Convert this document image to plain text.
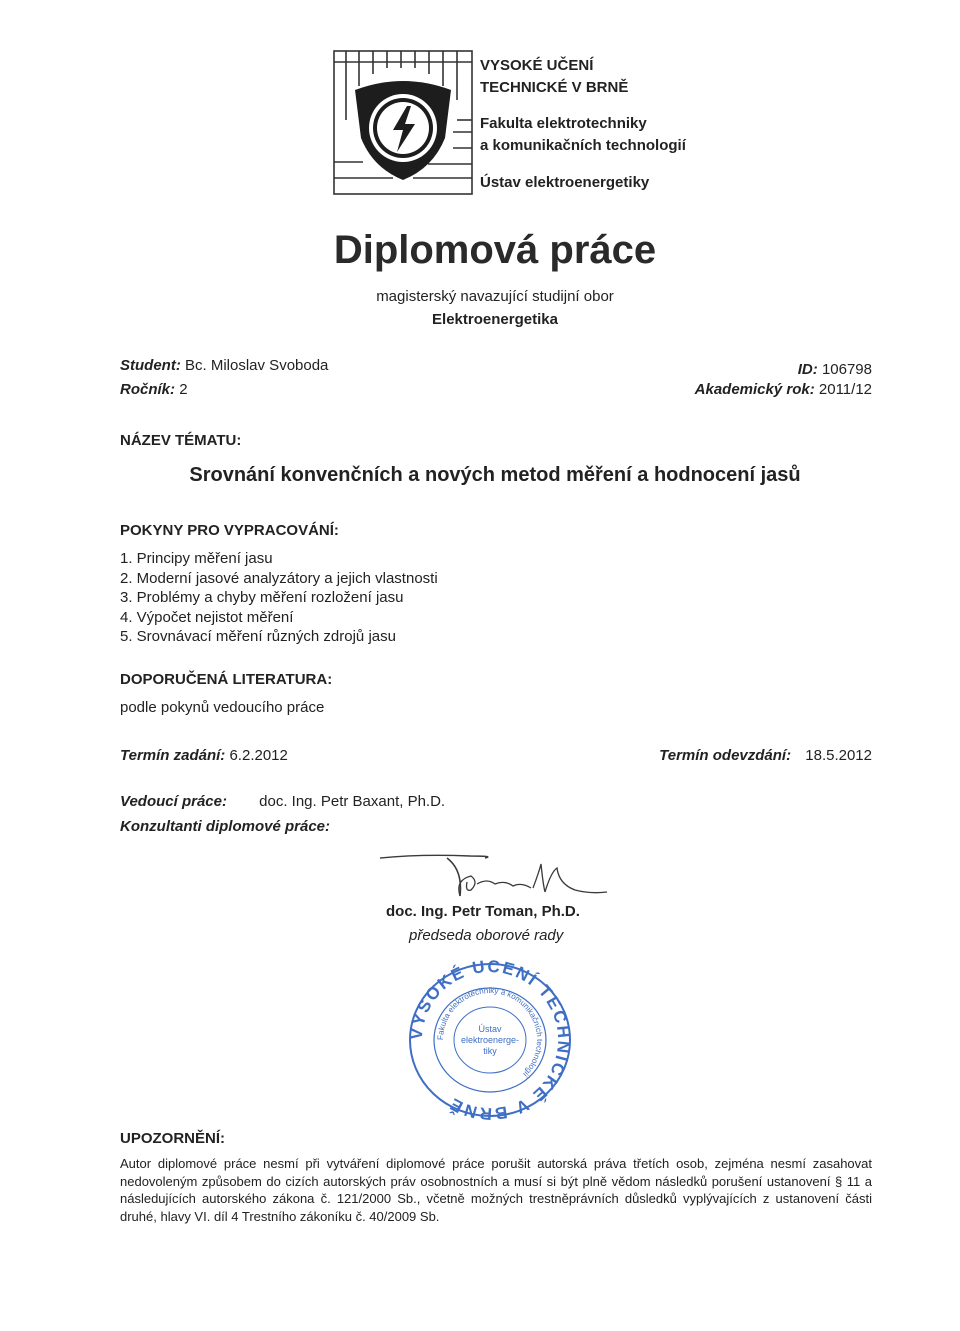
VYSOKÉ UČENÍ
TECHNICKÉ V BRNĚ
Fakulta elektrotechniky
a komunikačních technologií
Ústav elektroenergetiky
Diplomová práce
magisterský navazující studijní obor
Elektroenergetika
Student: Bc. Miloslav Svoboda
Ročník: 2
ID: 106798
Akademický rok: 2011/12
NÁZEV TÉMATU:
Srovnání konvenčních a nových metod měření a hodnocení jasů
POKYNY PRO VYPRACOVÁNÍ:
1. Principy měření jasu
2. Moderní jasové analyzátory a jejich vlastnosti
3. Problémy a chyby měření rozložení jasu
4. Výpočet nejistot měření
5. Srovnávací měření různých zdrojů jasu
DOPORUČENÁ LITERATURA:
podle pokynů vedoucího práce
Termín zadání: 6.2.2012	Termín odevzdání: 18.5.2012
Vedoucí práce: doc. Ing. Petr Baxant, Ph.D.
Konzultanti diplomové práce:
doc. Ing. Petr Toman, Ph.D.
předseda oborové rady
VYSOKÉ UČENÍ TECHNICKÉ V BRNĚ
Fakulta elektrotechniky a komunikačních technologií
Ústav
elektroenerge-
tiky
UPOZORNĚNÍ:
Autor diplomové práce nesmí při vytváření diplomové práce porušit autorská práva třetích osob, zejména nesmí zasahovat nedovoleným způsobem do cizích autorských práv osobnostních a musí si být plně vědom následků porušení ustanovení § 11 a následujících autorského zákona č. 121/2000 Sb., včetně možných trestněprávních důsledků vyplývajících z ustanovení části druhé, hlavy VI. díl 4 Trestního zákoníku č. 40/2009 Sb.
